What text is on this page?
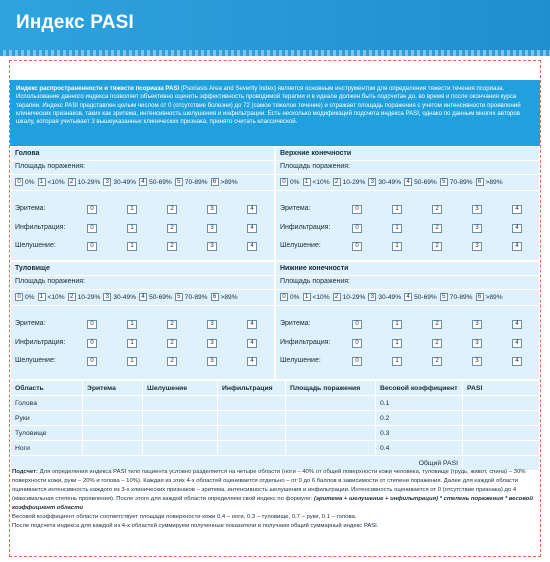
Индекс PASI
Индекс распространенности и тяжести псориаза PASI (Psoriasis Area and Severity Index) является основным инструментом для определения тяжести течения псориаза. Использование данного индекса позволяет объективно оценить эффективность проводимой терапии и в идеале должен быть подсчитан до, во время и после окончания курса терапии. Индекс PASI представлен целым числом от 0 (отсутствие болезни) до 72 (самое тяжелое течение) и отражает площадь поражения с учетом интенсивности проявлений клинических признаков, таких как эритема, интенсивность шелушения и инфильтрации. Есть несколько модификаций подсчета индекса PASI, однако по данным многих авторов шкалу, которая учитывает 3 вышеуказанных клинических признака, принято считать классической.
Голова
Площадь поражения:
0 0% 1 <10% 2 10-29% 3 30-49% 4 50-69% 5 70-89% 6 >89%
Эритема:	0	1	2	3	4
Инфильтрация:	0	1	2	3	4
Шелушение:	0	1	2	3	4
Верхние конечности
Площадь поражения:
0 0% 1 <10% 2 10-29% 3 30-49% 4 50-69% 5 70-89% 6 >89%
Эритема:	0	1	2	3	4
Инфильтрация:	0	1	2	3	4
Шелушение:	0	1	2	3	4
Туловище
Площадь поражения:
0 0% 1 <10% 2 10-29% 3 30-49% 4 50-69% 5 70-89% 6 >89%
Эритема:	0	1	2	3	4
Инфильтрация:	0	1	2	3	4
Шелушение:	0	1	2	3	4
Нижние конечности
Площадь поражения:
0 0% 1 <10% 2 10-29% 3 30-49% 4 50-69% 5 70-89% 6 >89%
Эритема:	0	1	2	3	4
Инфильтрация:	0	1	2	3	4
Шелушение:	0	1	2	3	4
Область	Эритема	Шелушение	Инфильтрация	Площадь поражения	Весовой коэффициент	PASI
Голова					0.1	
Руки					0.2	
Туловище					0.3	
Ноги					0.4	
Общий PASI						
Подсчет: Для определения индекса PASI тело пациента условно разделяется на четыре области (ноги – 40% от общей поверхности кожи человека, туловище (грудь, живот, спина) – 30% поверхности кожи, руки – 20% и голова – 10%). Каждая из этих 4-х областей оценивается отдельно – от 0 до 6 баллов в зависимости от степени поражения. Далее для каждой области оценивается интенсивность каждого из 3-х клинических признаков – эритема, интенсивность шелушения и инфильтрации. Интенсивность оценивается от 0 (отсутствие признака) до 4 (максимальная степень проявления). После этого для каждой области определяем свой индекс по формуле: (эритема + шелушение + инфильтрация) * степень поражения * весовой коэффициент области
Весовой коэффициент области соответствует площади поверхности кожи 0.4 – ноги, 0.3 – туловище, 0.7 – руки, 0.1 – голова.
После подсчета индекса для каждой из 4-х областей суммируем полученные показатели и получаем общий суммарный индекс PASI.
